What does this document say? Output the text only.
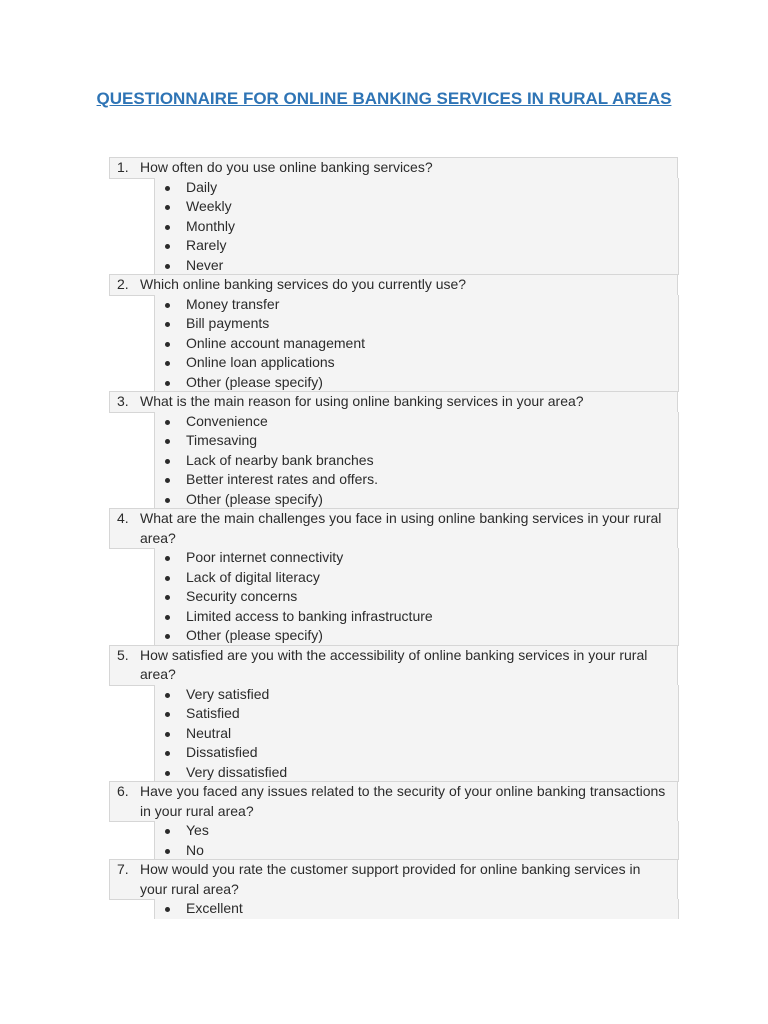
QUESTIONNAIRE FOR ONLINE BANKING SERVICES IN RURAL AREAS
1. How often do you use online banking services?
Daily
Weekly
Monthly
Rarely
Never
2. Which online banking services do you currently use?
Money transfer
Bill payments
Online account management
Online loan applications
Other (please specify)
3. What is the main reason for using online banking services in your area?
Convenience
Timesaving
Lack of nearby bank branches
Better interest rates and offers.
Other (please specify)
4. What are the main challenges you face in using online banking services in your rural area?
Poor internet connectivity
Lack of digital literacy
Security concerns
Limited access to banking infrastructure
Other (please specify)
5. How satisfied are you with the accessibility of online banking services in your rural area?
Very satisfied
Satisfied
Neutral
Dissatisfied
Very dissatisfied
6. Have you faced any issues related to the security of your online banking transactions in your rural area?
Yes
No
7. How would you rate the customer support provided for online banking services in your rural area?
Excellent
